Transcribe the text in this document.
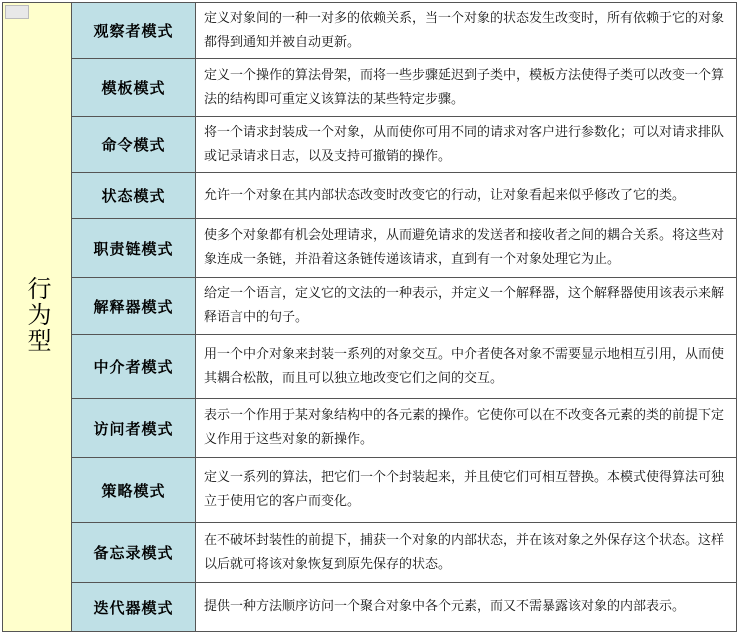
行为型	观察者模式	定义对象间的一种一对多的依赖关系，当一个对象的状态发生改变时，所有依赖于它的对象都得到通知并被自动更新。
	模板模式	定义一个操作的算法骨架，而将一些步骤延迟到子类中，模板方法使得子类可以改变一个算法的结构即可重定义该算法的某些特定步骤。
	命令模式	将一个请求封装成一个对象，从而使你可用不同的请求对客户进行参数化；可以对请求排队或记录请求日志，以及支持可撤销的操作。
	状态模式	允许一个对象在其内部状态改变时改变它的行动，让对象看起来似乎修改了它的类。
	职责链模式	使多个对象都有机会处理请求，从而避免请求的发送者和接收者之间的耦合关系。将这些对象连成一条链，并沿着这条链传递该请求，直到有一个对象处理它为止。
	解释器模式	给定一个语言，定义它的文法的一种表示，并定义一个解释器，这个解释器使用该表示来解释语言中的句子。
	中介者模式	用一个中介对象来封装一系列的对象交互。中介者使各对象不需要显示地相互引用，从而使其耦合松散，而且可以独立地改变它们之间的交互。
	访问者模式	表示一个作用于某对象结构中的各元素的操作。它使你可以在不改变各元素的类的前提下定义作用于这些对象的新操作。
	策略模式	定义一系列的算法，把它们一个个封装起来，并且使它们可相互替换。本模式使得算法可独立于使用它的客户而变化。
	备忘录模式	在不破坏封装性的前提下，捕获一个对象的内部状态，并在该对象之外保存这个状态。这样以后就可将该对象恢复到原先保存的状态。
	迭代器模式	提供一种方法顺序访问一个聚合对象中各个元素，而又不需暴露该对象的内部表示。
